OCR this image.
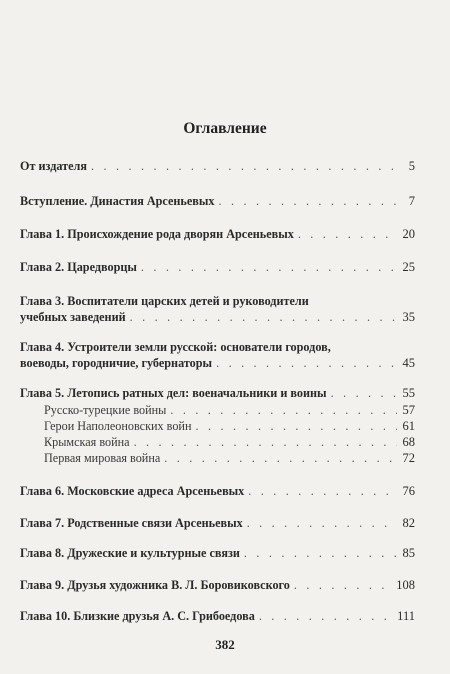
Оглавление
От издателя . . .	5
Вступление. Династия Арсеньевых . . .	7
Глава 1. Происхождение рода дворян Арсеньевых . . .	20
Глава 2. Царедворцы . . .	25
Глава 3. Воспитатели царских детей и руководители
учебных заведений . . .	35
Глава 4. Устроители земли русской: основатели городов,
воеводы, городничие, губернаторы . . .	45
Глава 5. Летопись ратных дел: военачальники и воины . . .	55
Русско-турецкие войны . . .	57
Герои Наполеоновских войн . . .	61
Крымская война . . .	68
Первая мировая война . . .	72
Глава 6. Московские адреса Арсеньевых . . .	76
Глава 7. Родственные связи Арсеньевых . . .	82
Глава 8. Дружеские и культурные связи . . .	85
Глава 9. Друзья художника В. Л. Боровиковского . . .	108
Глава 10. Близкие друзья А. С. Грибоедова . . .	111
382
